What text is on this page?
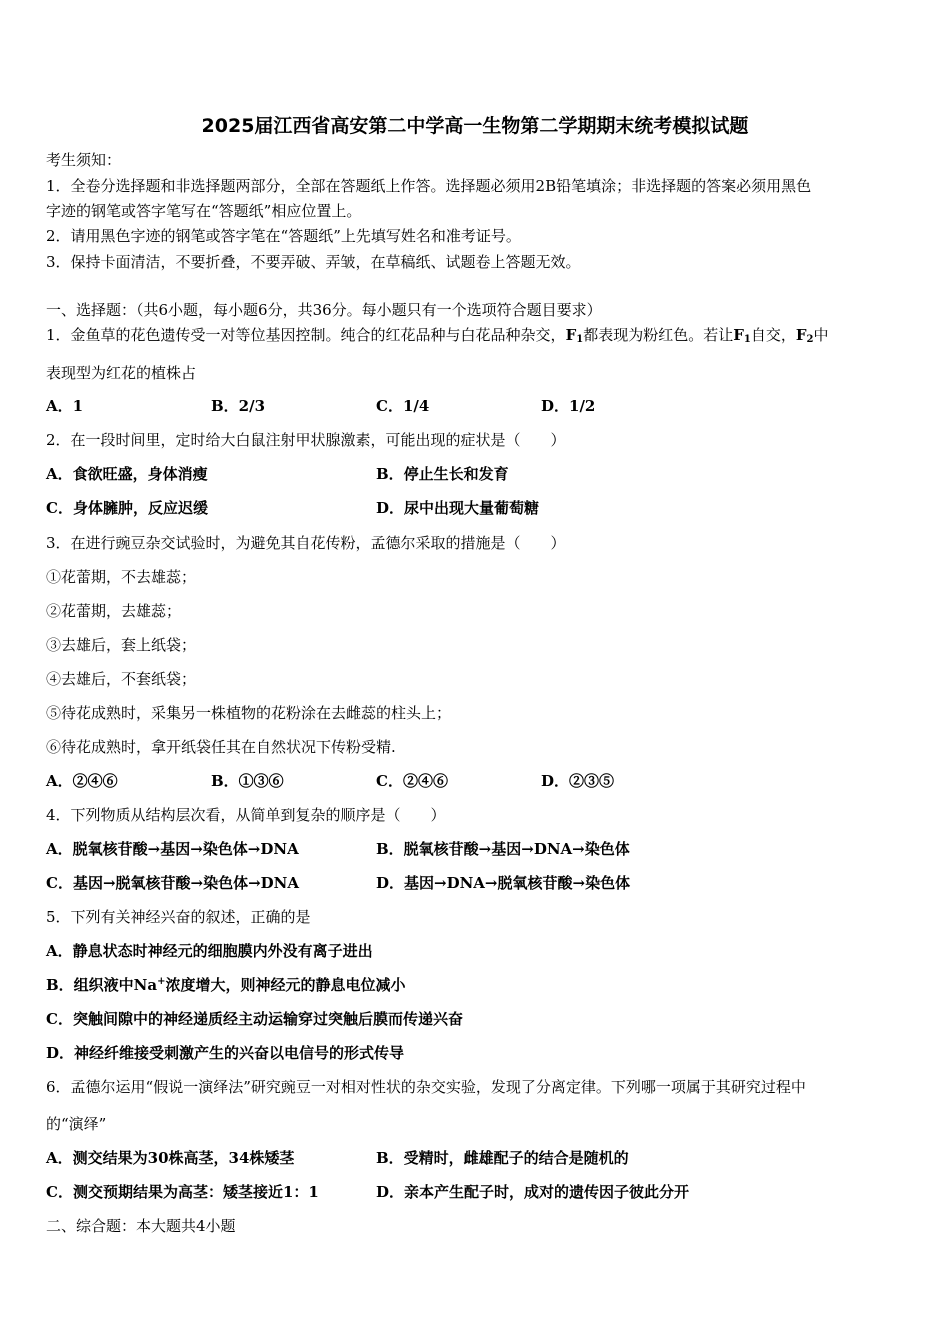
2025届江西省高安第二中学高一生物第二学期期末统考模拟试题
考生须知：
1．全卷分选择题和非选择题两部分，全部在答题纸上作答。选择题必须用2B铅笔填涂；非选择题的答案必须用黑色
字迹的钢笔或答字笔写在“答题纸”相应位置上。
2．请用黑色字迹的钢笔或答字笔在“答题纸”上先填写姓名和准考证号。
3．保持卡面清洁，不要折叠，不要弄破、弄皱，在草稿纸、试题卷上答题无效。
一、选择题：（共6小题，每小题6分，共36分。每小题只有一个选项符合题目要求）
1．金鱼草的花色遗传受一对等位基因控制。纯合的红花品种与白花品种杂交，$F_1$都表现为粉红色。若让$F_1$自交，$F_2$中
表现型为红花的植株占
A．1	B．2/3	C．1/4	D．1/2
2．在一段时间里，定时给大白鼠注射甲状腺激素，可能出现的症状是（　　）
A．食欲旺盛，身体消瘦	B．停止生长和发育
C．身体臃肿，反应迟缓	D．尿中出现大量葡萄糖
3．在进行豌豆杂交试验时，为避免其自花传粉，孟德尔采取的措施是（　　）
①花蕾期，不去雄蕊；
②花蕾期，去雄蕊；
③去雄后，套上纸袋；
④去雄后，不套纸袋；
⑤待花成熟时，采集另一株植物的花粉涂在去雌蕊的柱头上；
⑥待花成熟时，拿开纸袋任其在自然状况下传粉受精.
A．②④⑥	B．①③⑥	C．②④⑥	D．②③⑤
4．下列物质从结构层次看，从简单到复杂的顺序是（　　）
A．脱氧核苷酸→基因→染色体→DNA	B．脱氧核苷酸→基因→DNA→染色体
C．基因→脱氧核苷酸→染色体→DNA	D．基因→DNA→脱氧核苷酸→染色体
5．下列有关神经兴奋的叙述，正确的是
A．静息状态时神经元的细胞膜内外没有离子进出
B．组织液中Na+浓度增大，则神经元的静息电位减小
C．突触间隙中的神经递质经主动运输穿过突触后膜而传递兴奋
D．神经纤维接受刺激产生的兴奋以电信号的形式传导
6．孟德尔运用“假说一演绎法”研究豌豆一对相对性状的杂交实验，发现了分离定律。下列哪一项属于其研究过程中
的“演绎”
A．测交结果为30株高茎，34株矮茎	B．受精时，雌雄配子的结合是随机的
C．测交预期结果为高茎：矮茎接近1：1	D．亲本产生配子时，成对的遗传因子彼此分开
二、综合题：本大题共4小题
